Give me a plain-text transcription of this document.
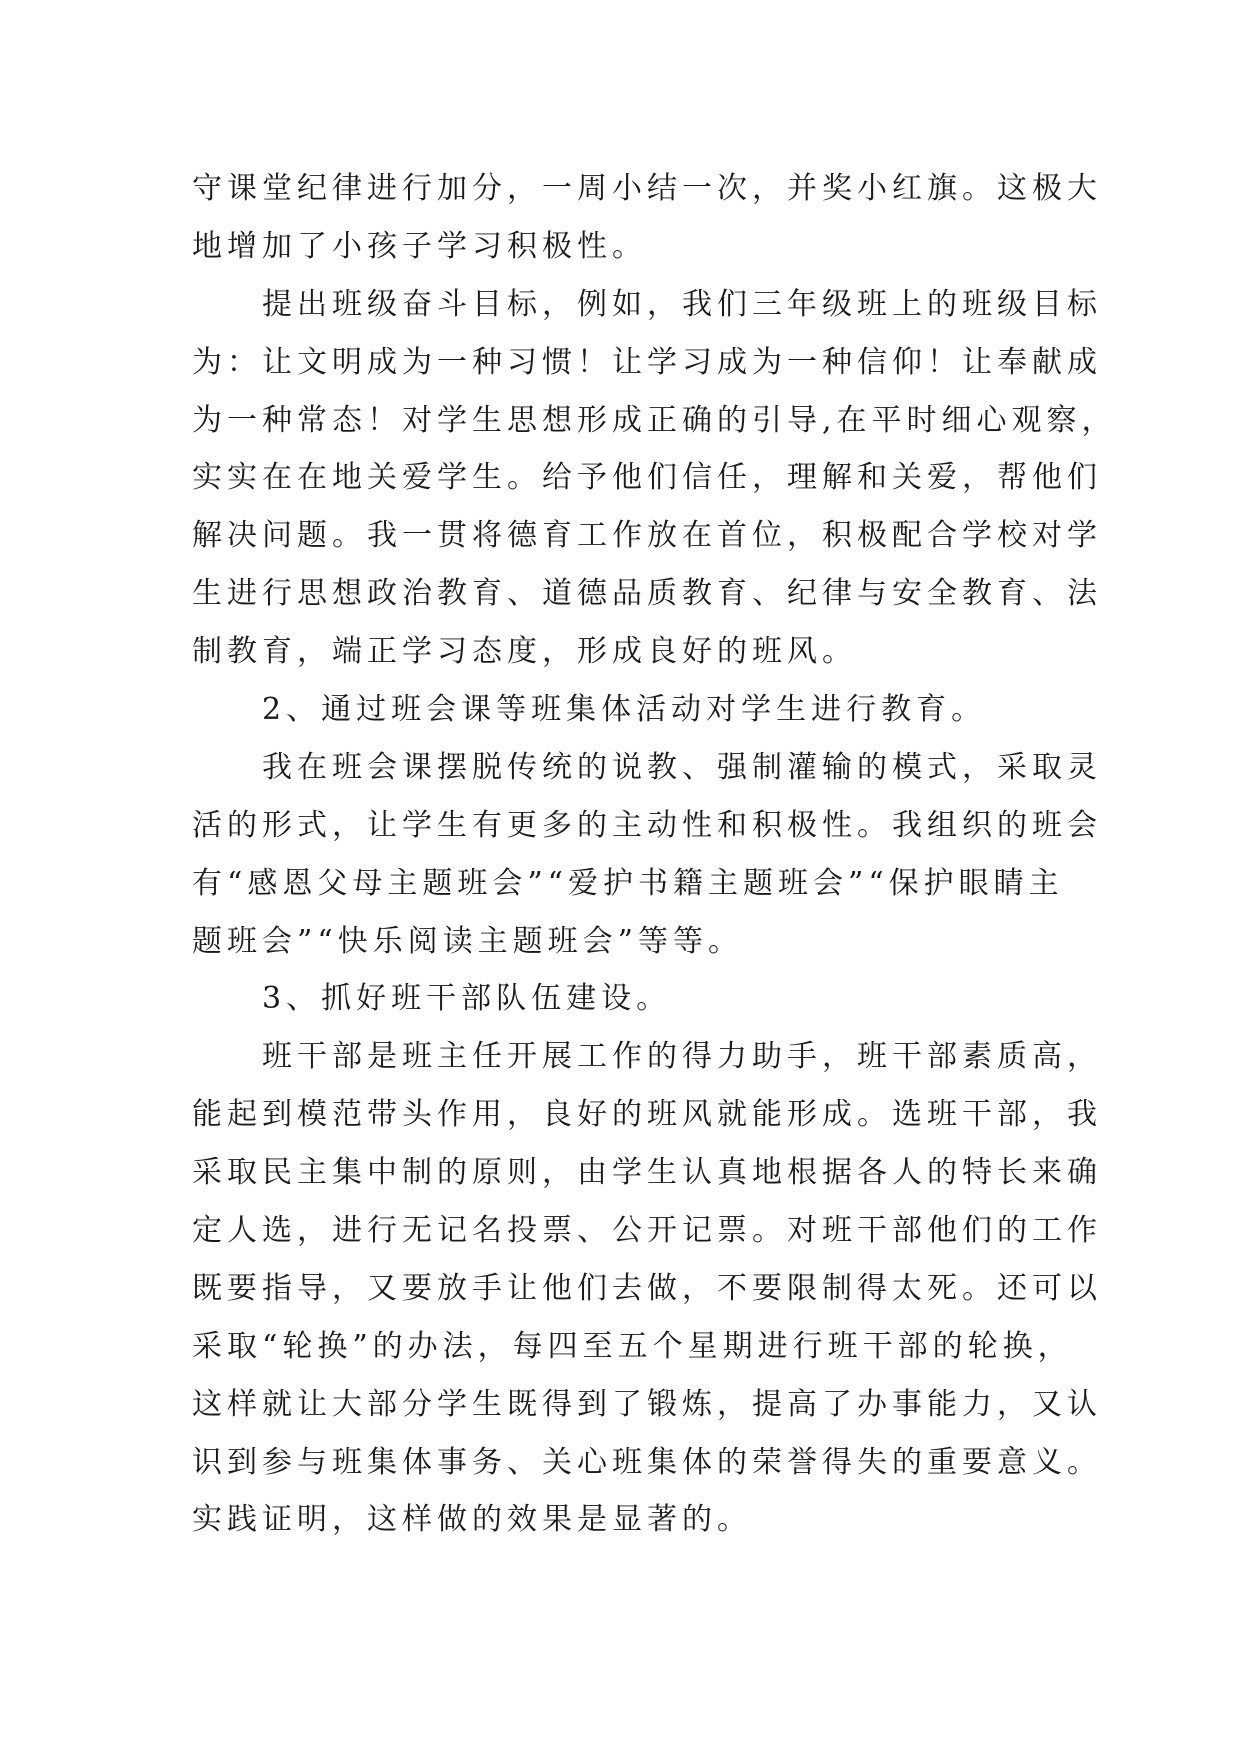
守课堂纪律进行加分，一周小结一次，并奖小红旗。这极大
地增加了小孩子学习积极性。
提出班级奋斗目标，例如，我们三年级班上的班级目标
为：让文明成为一种习惯！让学习成为一种信仰！让奉献成
为一种常态！对学生思想形成正确的引导,在平时细心观察，
实实在在地关爱学生。给予他们信任，理解和关爱，帮他们
解决问题。我一贯将德育工作放在首位，积极配合学校对学
生进行思想政治教育、道德品质教育、纪律与安全教育、法
制教育，端正学习态度，形成良好的班风。
2、通过班会课等班集体活动对学生进行教育。
我在班会课摆脱传统的说教、强制灌输的模式，采取灵
活的形式，让学生有更多的主动性和积极性。我组织的班会
有“感恩父母主题班会”“爱护书籍主题班会”“保护眼睛主
题班会”“快乐阅读主题班会”等等。
3、抓好班干部队伍建设。
班干部是班主任开展工作的得力助手，班干部素质高，
能起到模范带头作用，良好的班风就能形成。选班干部，我
采取民主集中制的原则，由学生认真地根据各人的特长来确
定人选，进行无记名投票、公开记票。对班干部他们的工作
既要指导，又要放手让他们去做，不要限制得太死。还可以
采取“轮换”的办法，每四至五个星期进行班干部的轮换，
这样就让大部分学生既得到了锻炼，提高了办事能力，又认
识到参与班集体事务、关心班集体的荣誉得失的重要意义。
实践证明，这样做的效果是显著的。
